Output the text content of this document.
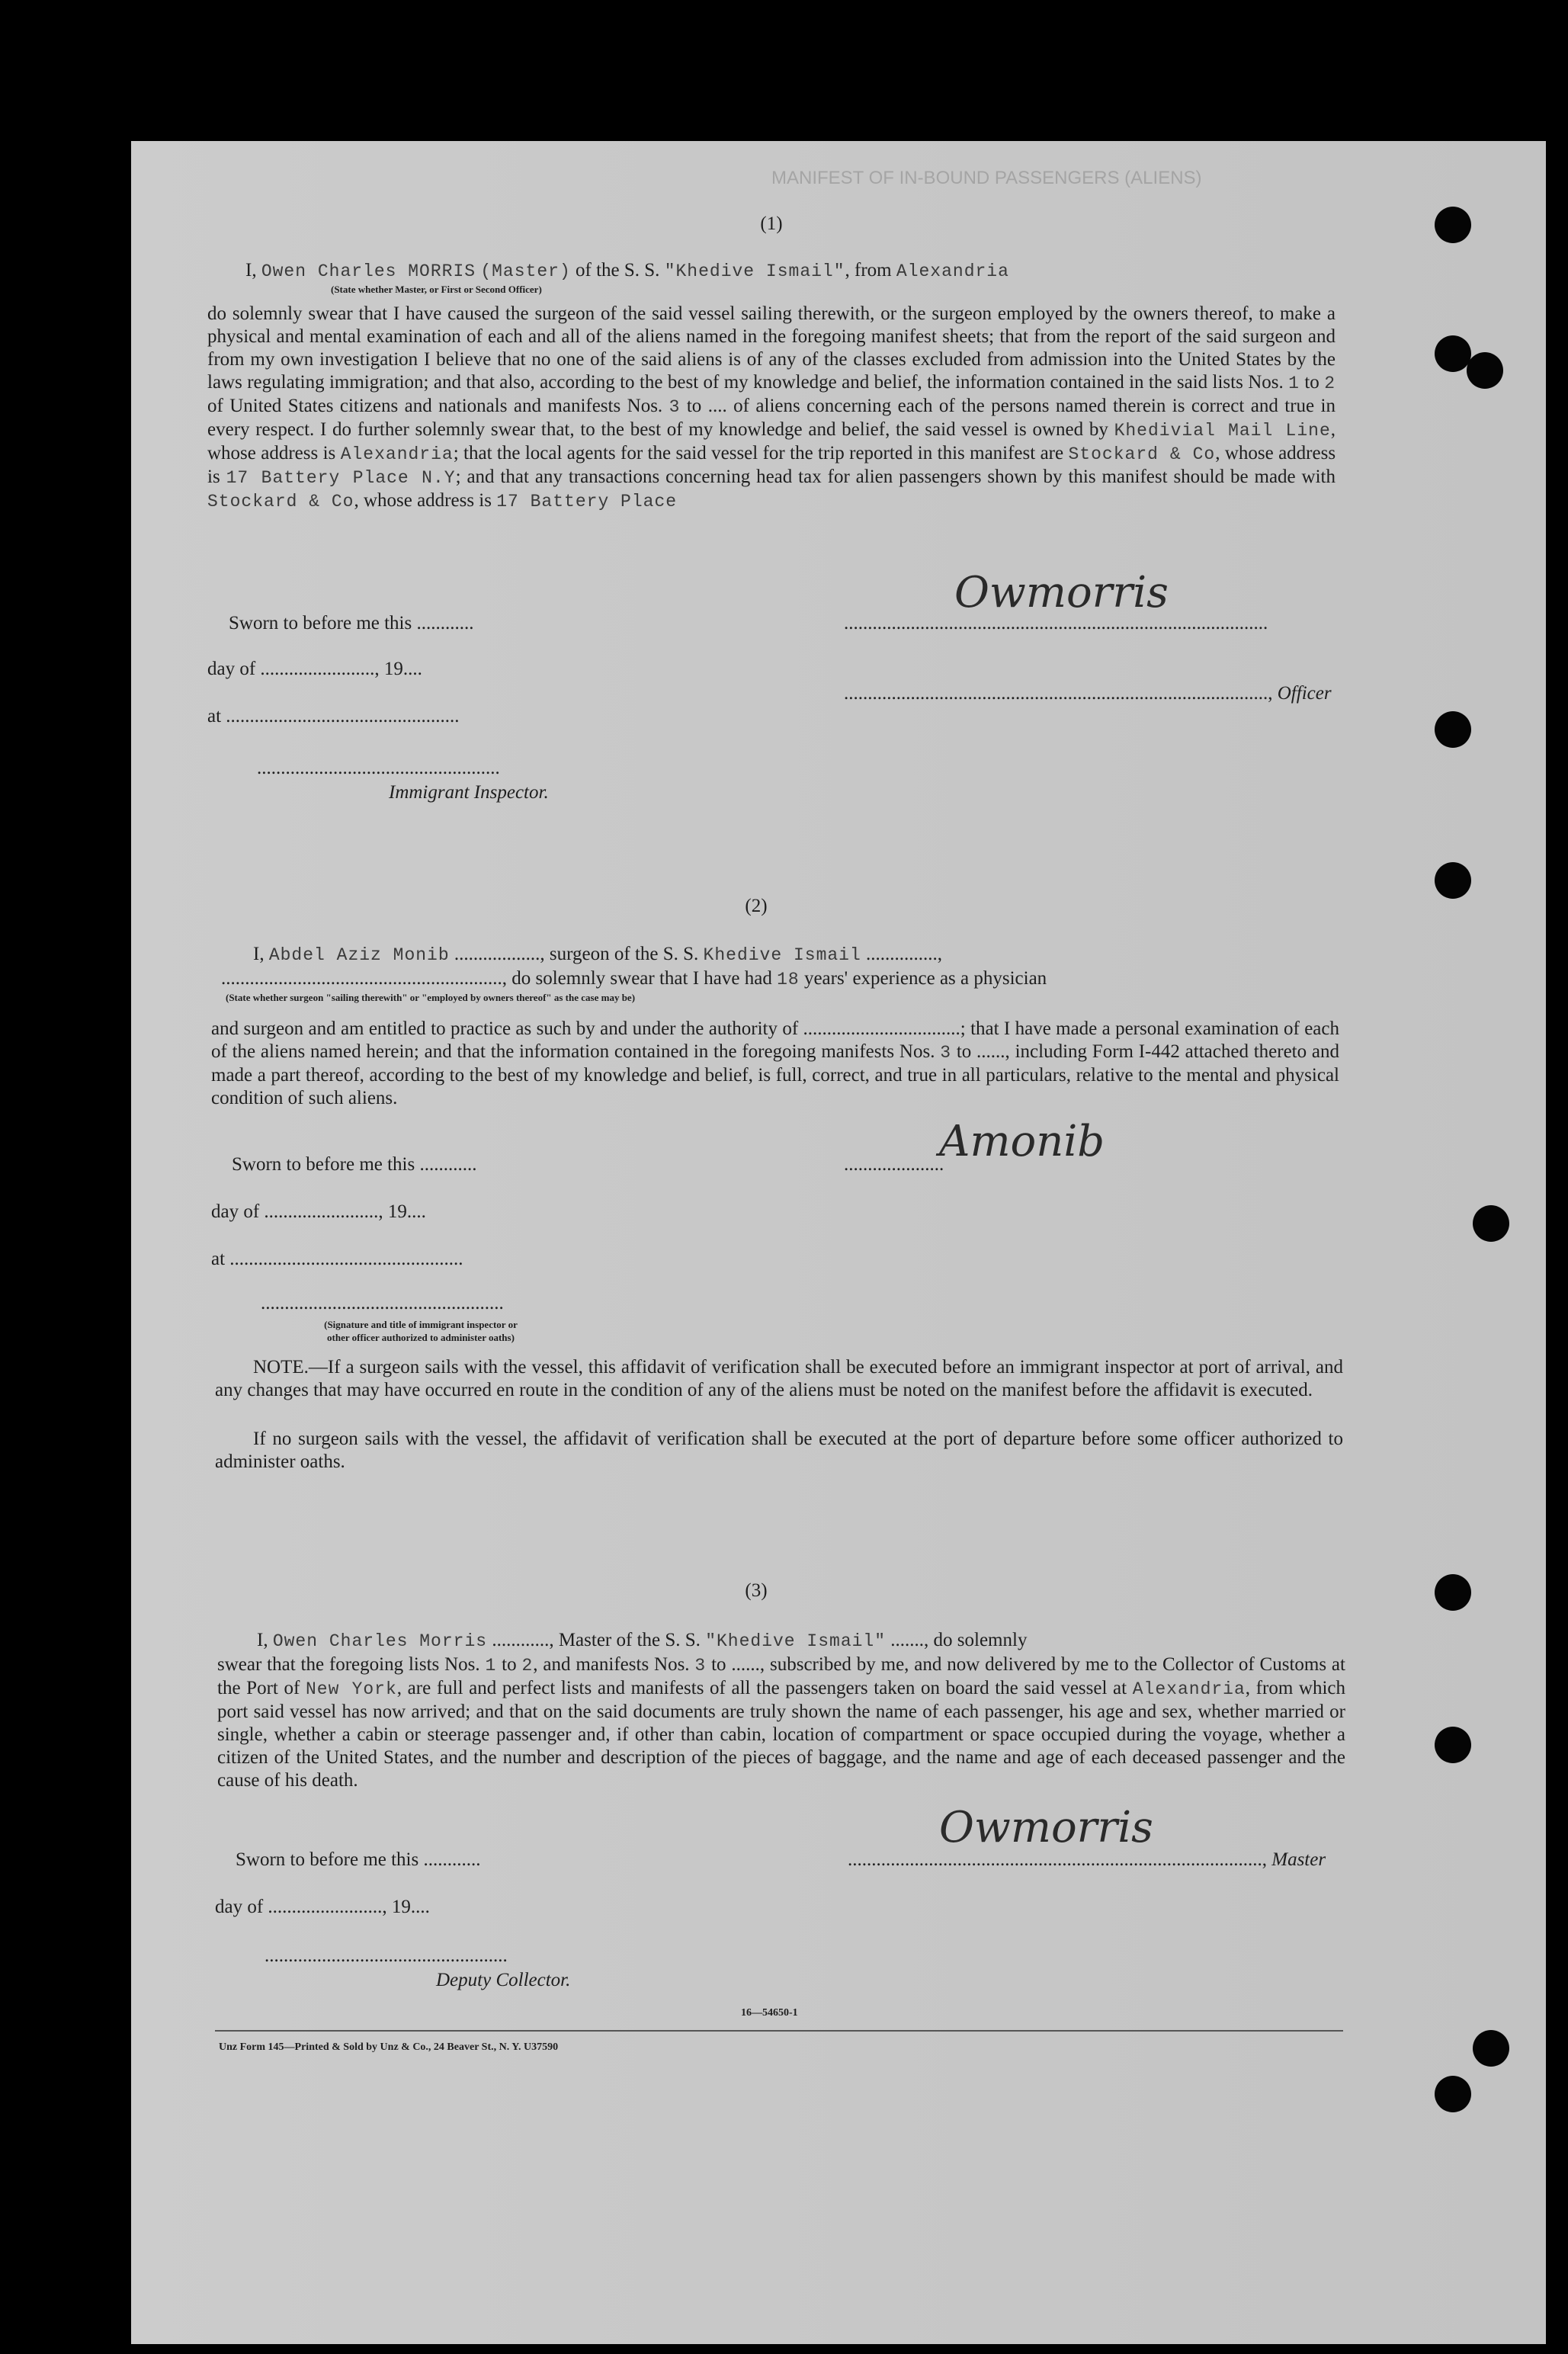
MANIFEST OF IN-BOUND PASSENGERS (ALIENS)
(1)
I, Owen Charles MORRIS (Master) of the S. S. "Khedive Ismail", from Alexandria
(State whether Master, or First or Second Officer)
do solemnly swear that I have caused the surgeon of the said vessel sailing therewith, or the surgeon employed by the owners thereof, to make a physical and mental examination of each and all of the aliens named in the foregoing manifest sheets; that from the report of the said surgeon and from my own investigation I believe that no one of the said aliens is of any of the classes excluded from admission into the United States by the laws regulating immigration; and that also, according to the best of my knowledge and belief, the information contained in the said lists Nos. 1 to 2 of United States citizens and nationals and manifests Nos. 3 to .... of aliens concerning each of the persons named therein is correct and true in every respect. I do further solemnly swear that, to the best of my knowledge and belief, the said vessel is owned by Khedivial Mail Line, whose address is Alexandria; that the local agents for the said vessel for the trip reported in this manifest are Stockard & Co, whose address is 17 Battery Place N.Y; and that any transactions concerning head tax for alien passengers shown by this manifest should be made with Stockard & Co, whose address is 17 Battery Place
Owmorris
Sworn to before me this ............	.........................................................................................
day of ........................, 19....
........................................................................................., Officer
at .................................................
...................................................
Immigrant Inspector.
(2)
I, Abdel Aziz Monib .................., surgeon of the S. S. Khedive Ismail ...............,
..........................................................., do solemnly swear that I have had 18 years' experience as a physician
(State whether surgeon "sailing therewith" or "employed by owners thereof" as the case may be)
and surgeon and am entitled to practice as such by and under the authority of .................................; that I have made a personal examination of each of the aliens named herein; and that the information contained in the foregoing manifests Nos. 3 to ......, including Form I-442 attached thereto and made a part thereof, according to the best of my knowledge and belief, is full, correct, and true in all particulars, relative to the mental and physical condition of such aliens.
Amonib
Sworn to before me this ............	.....................
day of ........................, 19....
at .................................................
...................................................
(Signature and title of immigrant inspector or
other officer authorized to administer oaths)
NOTE.—If a surgeon sails with the vessel, this affidavit of verification shall be executed before an immigrant inspector at port of arrival, and any changes that may have occurred en route in the condition of any of the aliens must be noted on the manifest before the affidavit is executed.
If no surgeon sails with the vessel, the affidavit of verification shall be executed at the port of departure before some officer authorized to administer oaths.
(3)
I, Owen Charles Morris ............, Master of the S. S. "Khedive Ismail" ......., do solemnly
swear that the foregoing lists Nos. 1 to 2, and manifests Nos. 3 to ......, subscribed by me, and now delivered by me to the Collector of Customs at the Port of New York, are full and perfect lists and manifests of all the passengers taken on board the said vessel at Alexandria, from which port said vessel has now arrived; and that on the said documents are truly shown the name of each passenger, his age and sex, whether married or single, whether a cabin or steerage passenger and, if other than cabin, location of compartment or space occupied during the voyage, whether a citizen of the United States, and the number and description of the pieces of baggage, and the name and age of each deceased passenger and the cause of his death.
Owmorris
Sworn to before me this ............	......................................................................................., Master
day of ........................, 19....
...................................................
Deputy Collector.
16—54650-1
Unz Form 145—Printed & Sold by Unz & Co., 24 Beaver St., N. Y. U37590
